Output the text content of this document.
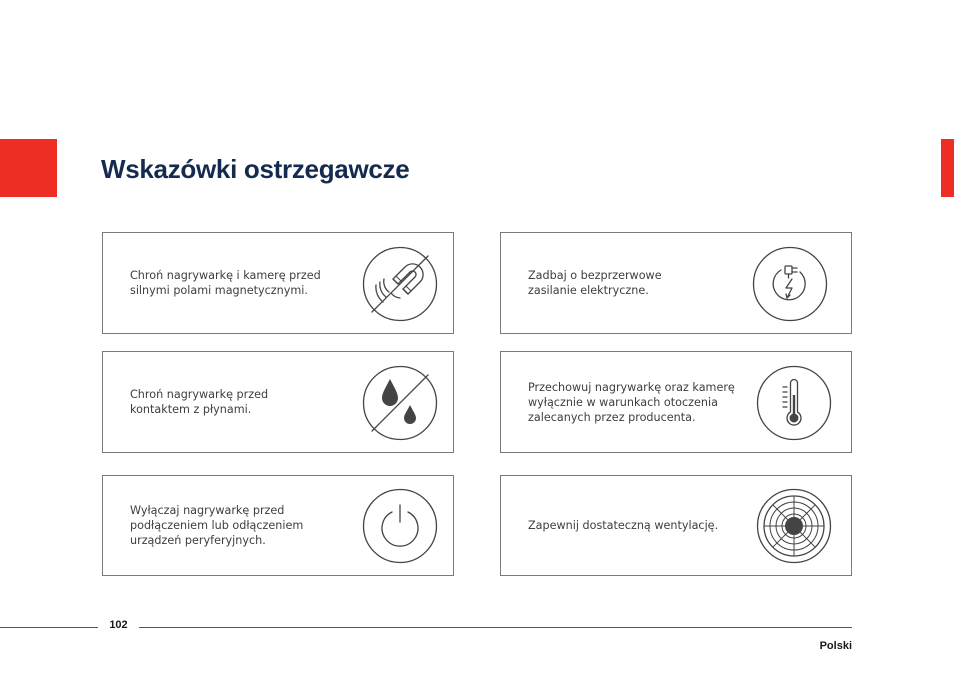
Wskazówki ostrzegawcze
Chroń nagrywarkę i kamerę przed
silnymi polami magnetycznymi.
Zadbaj o bezprzerwowe
zasilanie elektryczne.
Chroń nagrywarkę przed
kontaktem z płynami.
Przechowuj nagrywarkę oraz kamerę
wyłącznie w warunkach otoczenia
zalecanych przez producenta.
Wyłączaj nagrywarkę przed
podłączeniem lub odłączeniem
urządzeń peryferyjnych.
Zapewnij dostateczną wentylację.
102
Polski
